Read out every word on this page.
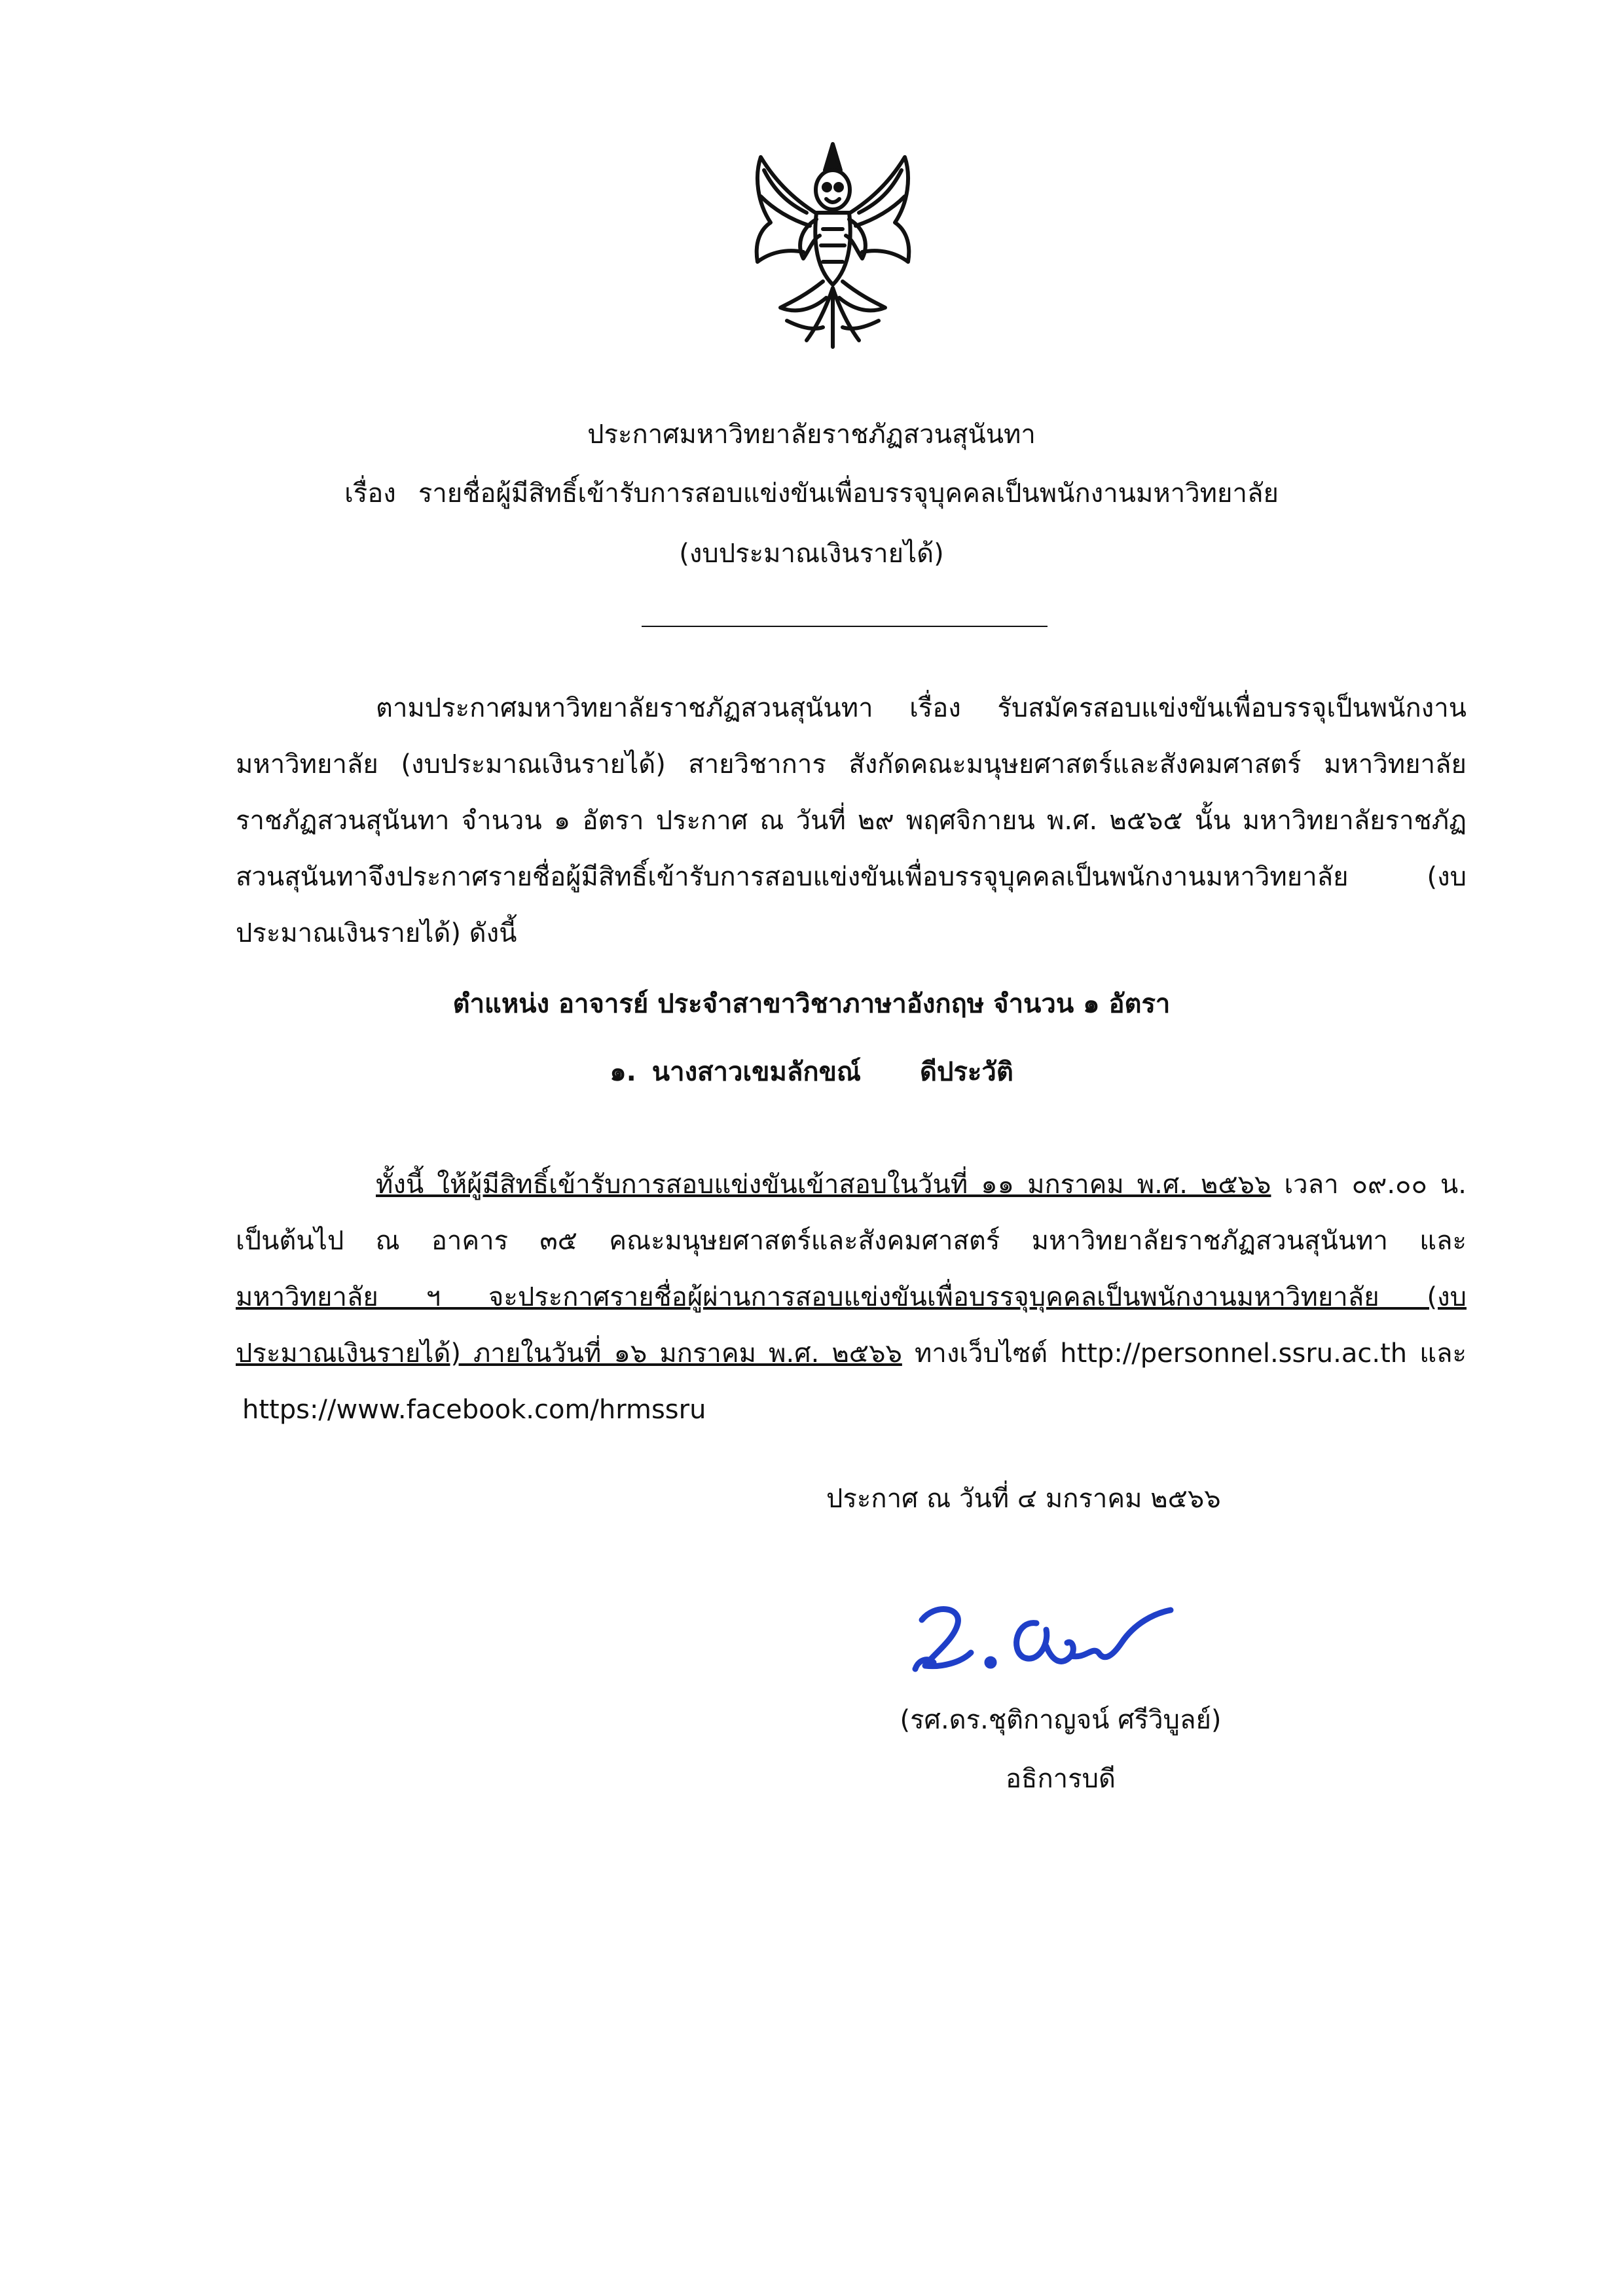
ประกาศมหาวิทยาลัยราชภัฏสวนสุนันทา
เรื่อง รายชื่อผู้มีสิทธิ์เข้ารับการสอบแข่งขันเพื่อบรรจุบุคคลเป็นพนักงานมหาวิทยาลัย
(งบประมาณเงินรายได้)
ตามประกาศมหาวิทยาลัยราชภัฏสวนสุนันทา เรื่อง รับสมัครสอบแข่งขันเพื่อบรรจุเป็นพนักงาน
มหาวิทยาลัย (งบประมาณเงินรายได้) สายวิชาการ สังกัดคณะมนุษยศาสตร์และสังคมศาสตร์ มหาวิทยาลัย
ราชภัฏสวนสุนันทา จำนวน ๑ อัตรา ประกาศ ณ วันที่ ๒๙ พฤศจิกายน พ.ศ. ๒๕๖๕ นั้น มหาวิทยาลัยราชภัฏ
สวนสุนันทาจึงประกาศรายชื่อผู้มีสิทธิ์เข้ารับการสอบแข่งขันเพื่อบรรจุบุคคลเป็นพนักงานมหาวิทยาลัย (งบ
ประมาณเงินรายได้) ดังนี้
ตำแหน่ง อาจารย์ ประจำสาขาวิชาภาษาอังกฤษ จำนวน ๑ อัตรา
๑. นางสาวเขมลักขณ์ ดีประวัติ
ทั้งนี้ ให้ผู้มีสิทธิ์เข้ารับการสอบแข่งขันเข้าสอบในวันที่ ๑๑ มกราคม พ.ศ. ๒๕๖๖ เวลา ๐๙.๐๐ น.
เป็นต้นไป ณ อาคาร ๓๕ คณะมนุษยศาสตร์และสังคมศาสตร์ มหาวิทยาลัยราชภัฏสวนสุนันทา และ
มหาวิทยาลัย ฯ จะประกาศรายชื่อผู้ผ่านการสอบแข่งขันเพื่อบรรจุบุคคลเป็นพนักงานมหาวิทยาลัย (งบ
ประมาณเงินรายได้) ภายในวันที่ ๑๖ มกราคม พ.ศ. ๒๕๖๖ ทางเว็บไซต์ http://personnel.ssru.ac.th และ
https://www.facebook.com/hrmssru
ประกาศ ณ วันที่ ๔ มกราคม ๒๕๖๖
(รศ.ดร.ชุติกาญจน์ ศรีวิบูลย์)
อธิการบดี
